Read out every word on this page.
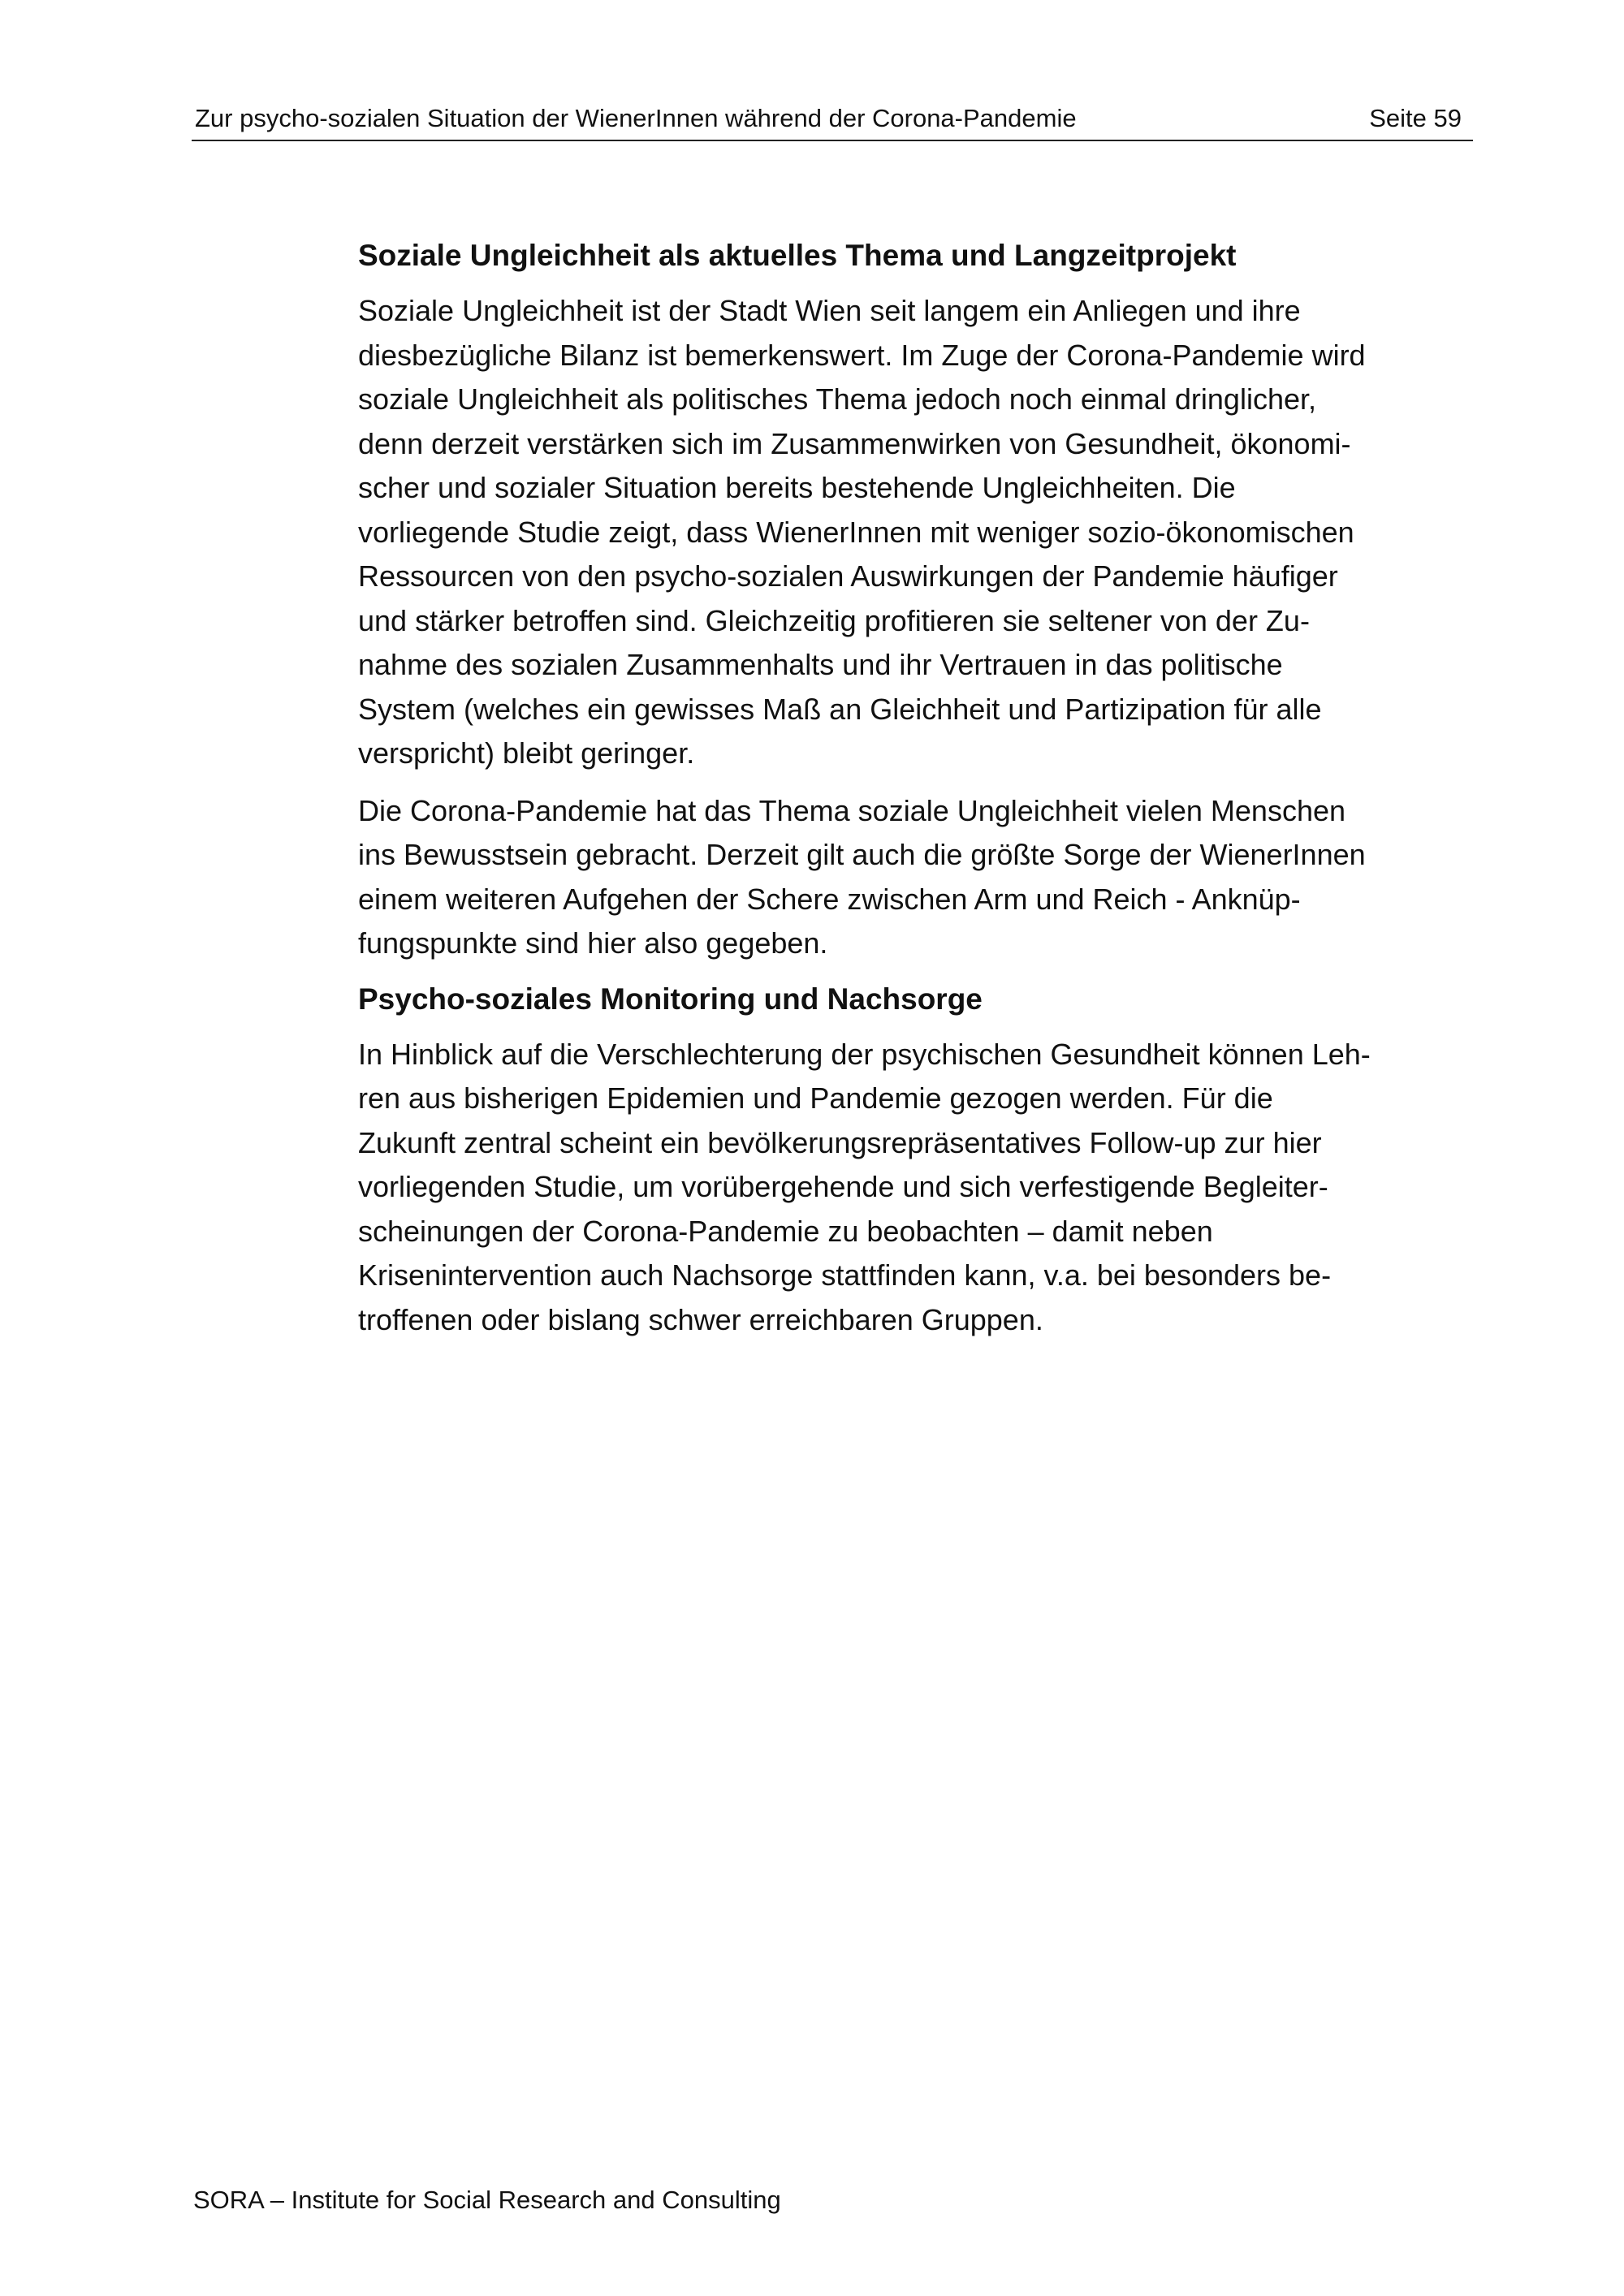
Zur psycho-sozialen Situation der WienerInnen während der Corona-Pandemie	Seite 59
Soziale Ungleichheit als aktuelles Thema und Langzeitprojekt
Soziale Ungleichheit ist der Stadt Wien seit langem ein Anliegen und ihre
diesbezügliche Bilanz ist bemerkenswert. Im Zuge der Corona-Pandemie wird
soziale Ungleichheit als politisches Thema jedoch noch einmal dringlicher,
denn derzeit verstärken sich im Zusammenwirken von Gesundheit, ökonomi-
scher und sozialer Situation bereits bestehende Ungleichheiten. Die
vorliegende Studie zeigt, dass WienerInnen mit weniger sozio-ökonomischen
Ressourcen von den psycho-sozialen Auswirkungen der Pandemie häufiger
und stärker betroffen sind. Gleichzeitig profitieren sie seltener von der Zu-
nahme des sozialen Zusammenhalts und ihr Vertrauen in das politische
System (welches ein gewisses Maß an Gleichheit und Partizipation für alle
verspricht) bleibt geringer.
Die Corona-Pandemie hat das Thema soziale Ungleichheit vielen Menschen
ins Bewusstsein gebracht. Derzeit gilt auch die größte Sorge der WienerInnen
einem weiteren Aufgehen der Schere zwischen Arm und Reich - Anknüp-
fungspunkte sind hier also gegeben.
Psycho-soziales Monitoring und Nachsorge
In Hinblick auf die Verschlechterung der psychischen Gesundheit können Leh-
ren aus bisherigen Epidemien und Pandemie gezogen werden. Für die
Zukunft zentral scheint ein bevölkerungsrepräsentatives Follow-up zur hier
vorliegenden Studie, um vorübergehende und sich verfestigende Begleiter-
scheinungen der Corona-Pandemie zu beobachten – damit neben
Krisenintervention auch Nachsorge stattfinden kann, v.a. bei besonders be-
troffenen oder bislang schwer erreichbaren Gruppen.
SORA – Institute for Social Research and Consulting
